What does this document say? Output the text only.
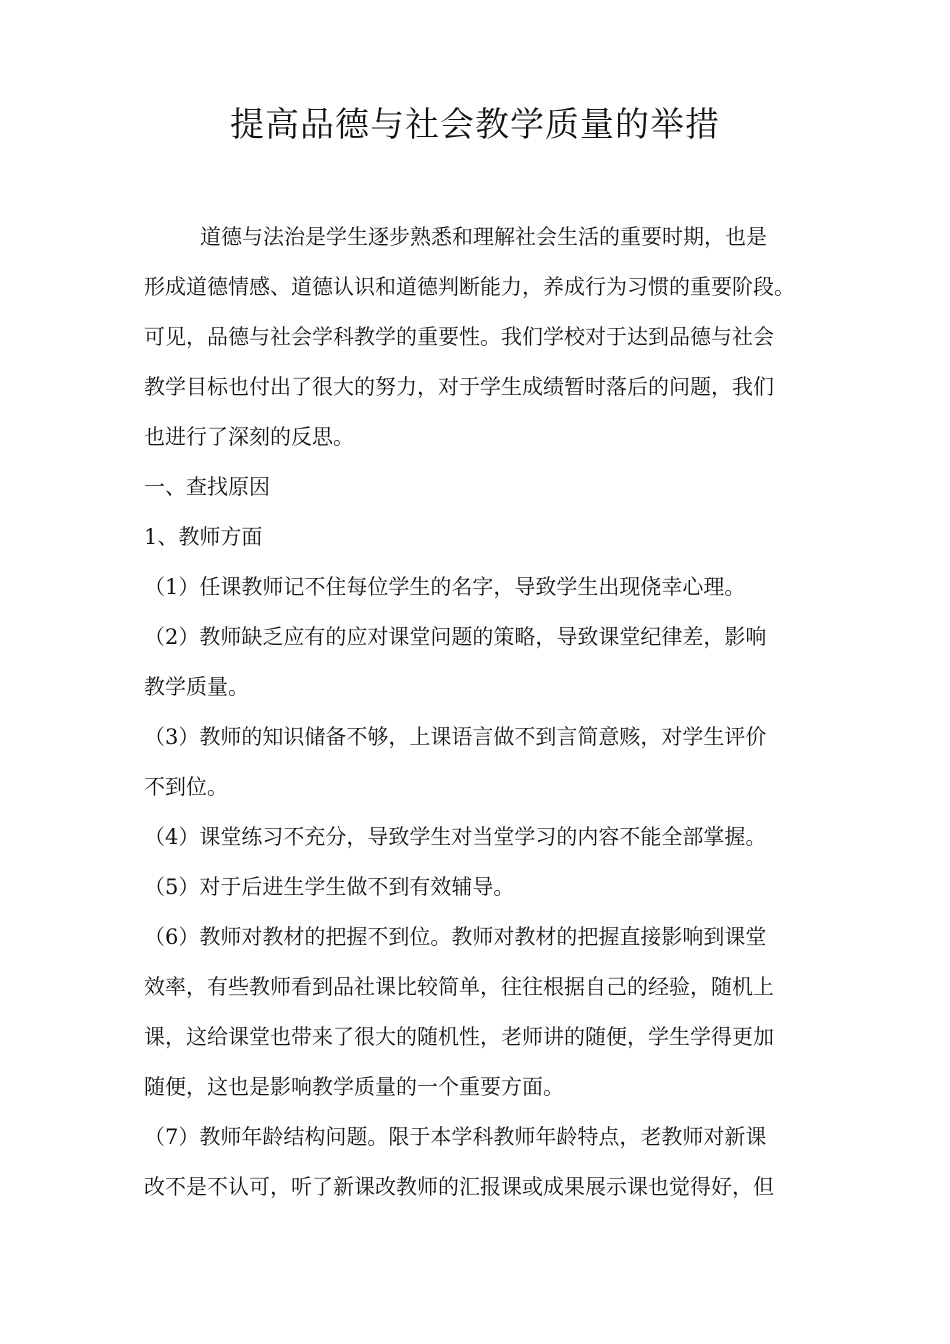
提高品德与社会教学质量的举措
道德与法治是学生逐步熟悉和理解社会生活的重要时期，也是
形成道德情感、道德认识和道德判断能力，养成行为习惯的重要阶段。
可见，品德与社会学科教学的重要性。我们学校对于达到品德与社会
教学目标也付出了很大的努力，对于学生成绩暂时落后的问题，我们
也进行了深刻的反思。
一、查找原因
1、教师方面
（1）任课教师记不住每位学生的名字，导致学生出现侥幸心理。
（2）教师缺乏应有的应对课堂问题的策略，导致课堂纪律差，影响
教学质量。
（3）教师的知识储备不够，上课语言做不到言简意赅，对学生评价
不到位。
（4）课堂练习不充分，导致学生对当堂学习的内容不能全部掌握。
（5）对于后进生学生做不到有效辅导。
（6）教师对教材的把握不到位。教师对教材的把握直接影响到课堂
效率，有些教师看到品社课比较简单，往往根据自己的经验，随机上
课，这给课堂也带来了很大的随机性，老师讲的随便，学生学得更加
随便，这也是影响教学质量的一个重要方面。
（7）教师年龄结构问题。限于本学科教师年龄特点，老教师对新课
改不是不认可，听了新课改教师的汇报课或成果展示课也觉得好，但
